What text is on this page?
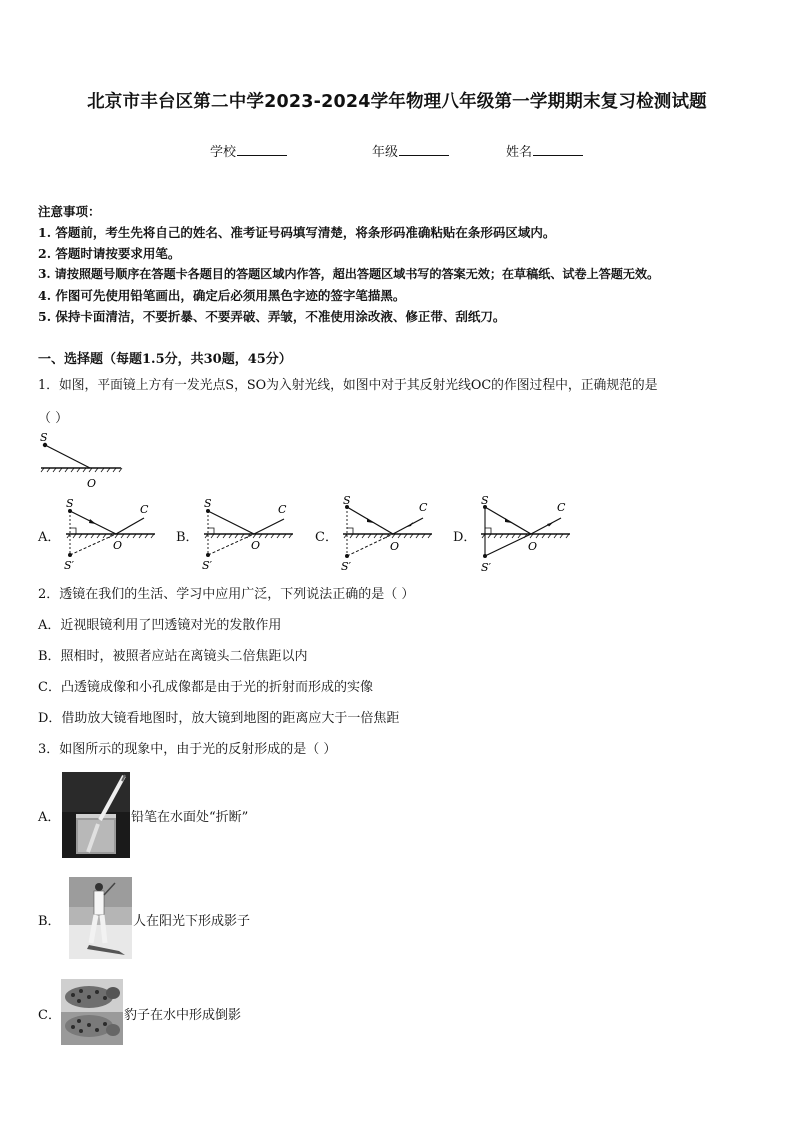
北京市丰台区第二中学2023-2024学年物理八年级第一学期期末复习检测试题
学校	年级	姓名
注意事项：
1. 答题前，考生先将自己的姓名、准考证号码填写清楚，将条形码准确粘贴在条形码区域内。
2. 答题时请按要求用笔。
3. 请按照题号顺序在答题卡各题目的答题区域内作答，超出答题区域书写的答案无效；在草稿纸、试卷上答题无效。
4. 作图可先使用铅笔画出，确定后必须用黑色字迹的签字笔描黑。
5. 保持卡面清洁，不要折暴、不要弄破、弄皱，不准使用涂改液、修正带、刮纸刀。
一、选择题（每题1.5分，共30题，45分）
1．如图，平面镜上方有一发光点S，SO为入射光线，如图中对于其反射光线OC的作图过程中，正确规范的是
（ ）
S
O
A．	B．	C．	D．
S	C
O
S′
S	C
O
S′
S
C
O
S′
S
C
O
S′
2．透镜在我们的生活、学习中应用广泛，下列说法正确的是（ ）
A．近视眼镜利用了凹透镜对光的发散作用
B．照相时，被照者应站在离镜头二倍焦距以内
C．凸透镜成像和小孔成像都是由于光的折射而形成的实像
D．借助放大镜看地图时，放大镜到地图的距离应大于一倍焦距
3．如图所示的现象中，由于光的反射形成的是（ ）
A．	铅笔在水面处“折断”
B．	人在阳光下形成影子
C．	豹子在水中形成倒影
